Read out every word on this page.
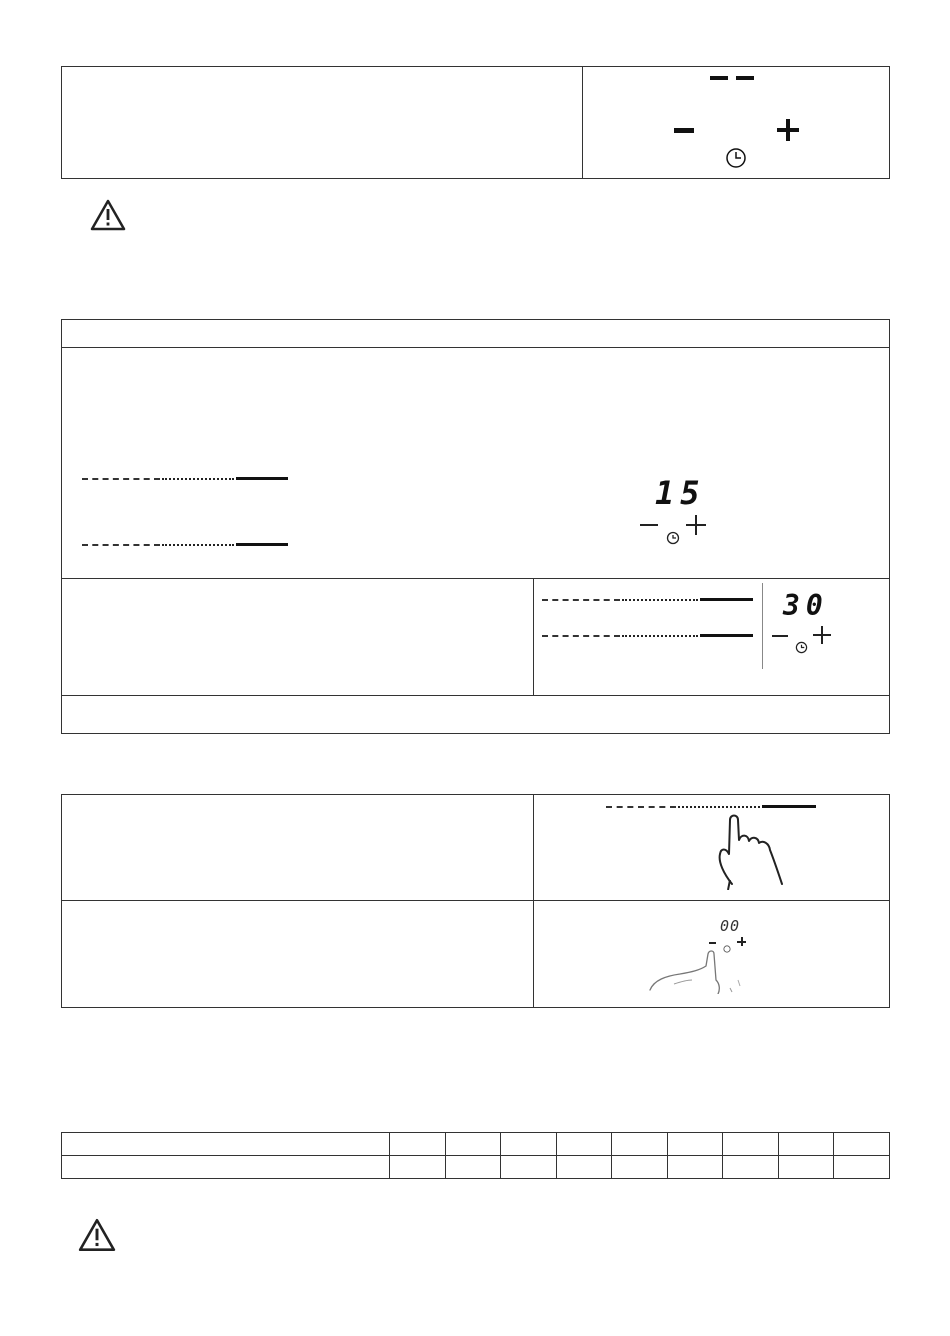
15
30
00
